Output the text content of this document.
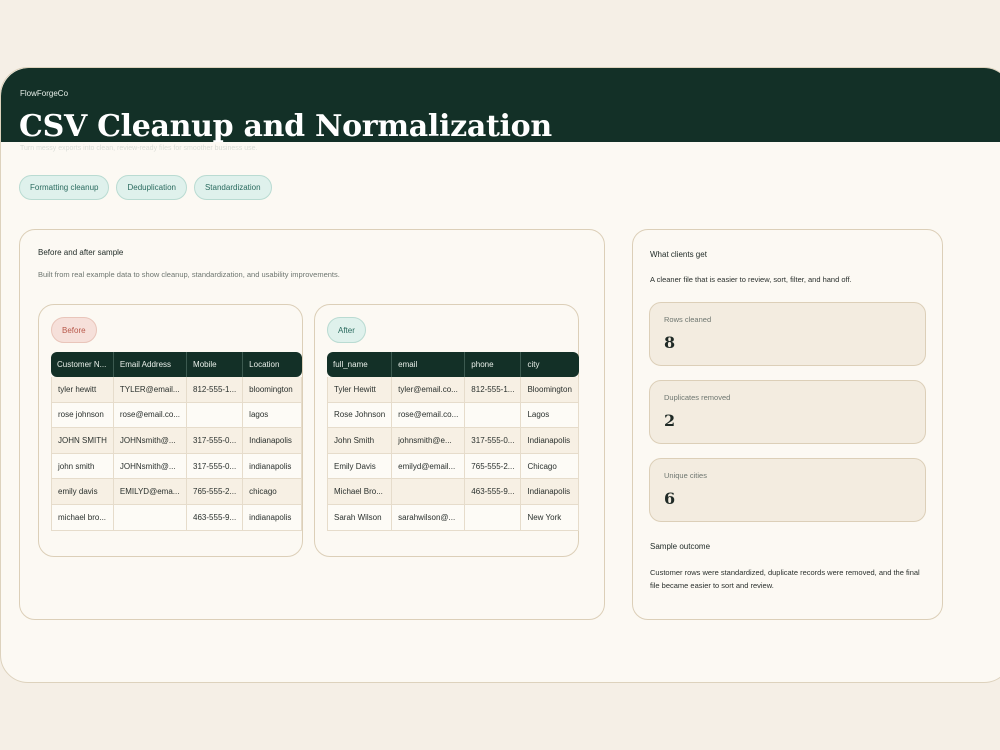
FlowForgeCo
CSV Cleanup and Normalization
Turn messy exports into clean, review-ready files for smoother business use.
Formatting cleanup	Deduplication	Standardization
Before and after sample
Built from real example data to show cleanup, standardization, and usability improvements.
Before
Customer N...	Email Address	Mobile	Location
tyler hewitt	TYLER@email...	812-555-1...	bloomington
rose johnson	rose@email.co...		lagos
JOHN SMITH	JOHNsmith@...	317-555-0...	Indianapolis
john smith	JOHNsmith@...	317-555-0...	indianapolis
emily davis	EMILYD@ema...	765-555-2...	chicago
michael bro...		463-555-9...	indianapolis
After
full_name	email	phone	city
Tyler Hewitt	tyler@email.co...	812-555-1...	Bloomington
Rose Johnson	rose@email.co...		Lagos
John Smith	johnsmith@e...	317-555-0...	Indianapolis
Emily Davis	emilyd@email...	765-555-2...	Chicago
Michael Bro...		463-555-9...	Indianapolis
Sarah Wilson	sarahwilson@...		New York
What clients get
A cleaner file that is easier to review, sort, filter, and hand off.
Rows cleaned
8
Duplicates removed
2
Unique cities
6
Sample outcome
Customer rows were standardized, duplicate records were removed, and the final file became easier to sort and review.
